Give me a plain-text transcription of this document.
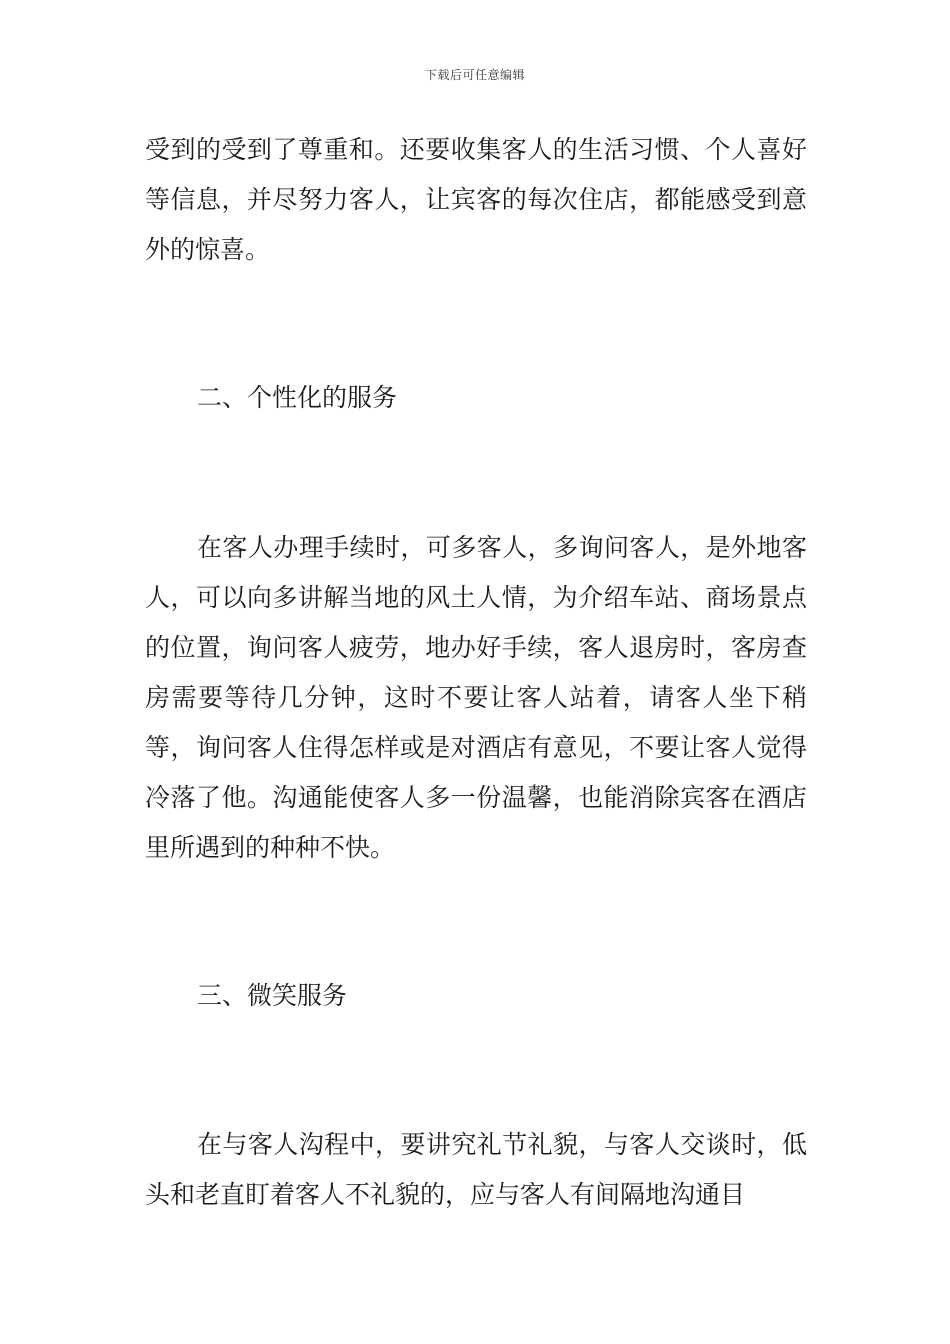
下载后可任意编辑

受到的受到了尊重和。还要收集客人的生活习惯、个人喜好等信息，并尽努力客人，让宾客的每次住店，都能感受到意外的惊喜。

二、个性化的服务

在客人办理手续时，可多客人，多询问客人，是外地客人，可以向多讲解当地的风土人情，为介绍车站、商场景点的位置，询问客人疲劳，地办好手续，客人退房时，客房查房需要等待几分钟，这时不要让客人站着，请客人坐下稍等，询问客人住得怎样或是对酒店有意见，不要让客人觉得冷落了他。沟通能使客人多一份温馨，也能消除宾客在酒店里所遇到的种种不快。

三、微笑服务

在与客人沟程中，要讲究礼节礼貌，与客人交谈时，低头和老直盯着客人不礼貌的，应与客人有间隔地沟通目
